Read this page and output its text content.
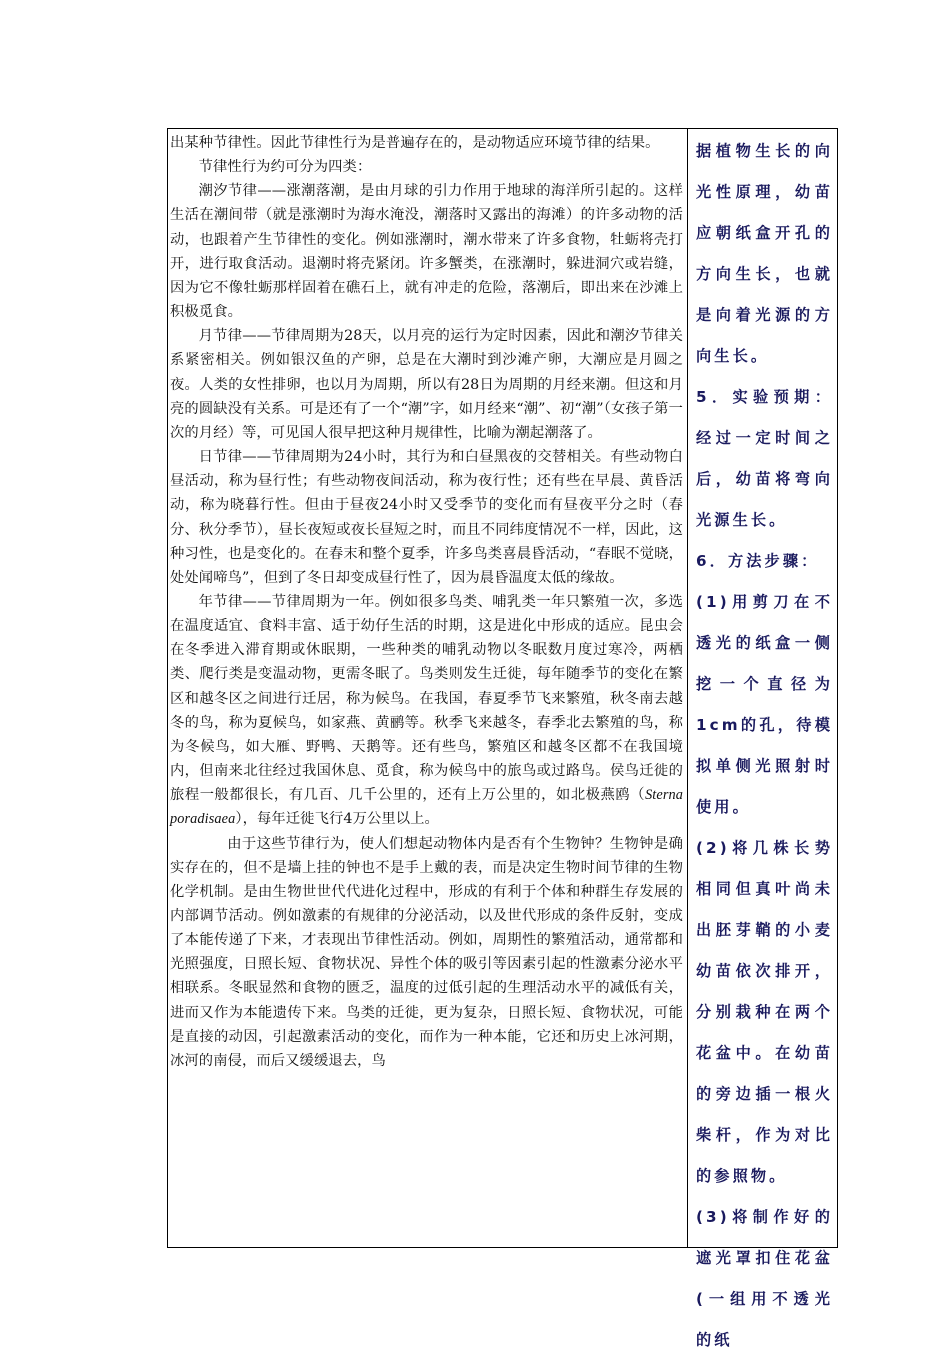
出某种节律性。因此节律性行为是普遍存在的，是动物适应环境节律的结果。

节律性行为约可分为四类：

潮汐节律——涨潮落潮，是由月球的引力作用于地球的海洋所引起的。这样生活在潮间带（就是涨潮时为海水淹没，潮落时又露出的海滩）的许多动物的活动，也跟着产生节律性的变化。例如涨潮时，潮水带来了许多食物，牡蛎将壳打开，进行取食活动。退潮时将壳紧闭。许多蟹类，在涨潮时，躲进洞穴或岩缝，因为它不像牡蛎那样固着在礁石上，就有冲走的危险，落潮后，即出来在沙滩上积极觅食。

月节律——节律周期为28天，以月亮的运行为定时因素，因此和潮汐节律关系紧密相关。例如银汉鱼的产卵，总是在大潮时到沙滩产卵，大潮应是月圆之夜。人类的女性排卵，也以月为周期，所以有28日为周期的月经来潮。但这和月亮的圆缺没有关系。可是还有了一个“潮”字，如月经来“潮”、初“潮”（女孩子第一次的月经）等，可见国人很早把这种月规律性，比喻为潮起潮落了。

日节律——节律周期为24小时，其行为和白昼黑夜的交替相关。有些动物白昼活动，称为昼行性；有些动物夜间活动，称为夜行性；还有些在早晨、黄昏活动，称为晓暮行性。但由于昼夜24小时又受季节的变化而有昼夜平分之时（春分、秋分季节），昼长夜短或夜长昼短之时，而且不同纬度情况不一样，因此，这种习性，也是变化的。在春末和整个夏季，许多鸟类喜晨昏活动，“春眠不觉晓，处处闻啼鸟”，但到了冬日却变成昼行性了，因为晨昏温度太低的缘故。

年节律——节律周期为一年。例如很多鸟类、哺乳类一年只繁殖一次，多选在温度适宜、食料丰富、适于幼仔生活的时期，这是进化中形成的适应。昆虫会在冬季进入滞育期或休眠期，一些种类的哺乳动物以冬眠数月度过寒冷，两栖类、爬行类是变温动物，更需冬眠了。鸟类则发生迁徙，每年随季节的变化在繁区和越冬区之间进行迁居，称为候鸟。在我国，春夏季节飞来繁殖，秋冬南去越冬的鸟，称为夏候鸟，如家燕、黄鹂等。秋季飞来越冬，春季北去繁殖的鸟，称为冬候鸟，如大雁、野鸭、天鹅等。还有些鸟，繁殖区和越冬区都不在我国境内，但南来北往经过我国休息、觅食，称为候鸟中的旅鸟或过路鸟。侯鸟迁徙的旅程一般都很长，有几百、几千公里的，还有上万公里的，如北极燕鸥（Sterna poradisaea），每年迁徙飞行4万公里以上。

由于这些节律行为，使人们想起动物体内是否有个生物钟？生物钟是确实存在的，但不是墙上挂的钟也不是手上戴的表，而是决定生物时间节律的生物化学机制。是由生物世世代代进化过程中，形成的有利于个体和种群生存发展的内部调节活动。例如激素的有规律的分泌活动，以及世代形成的条件反射，变成了本能传递了下来，才表现出节律性活动。例如，周期性的繁殖活动，通常都和光照强度，日照长短、食物状况、异性个体的吸引等因素引起的性激素分泌水平相联系。冬眠显然和食物的匮乏，温度的过低引起的生理活动水平的减低有关，进而又作为本能遗传下来。鸟类的迁徙，更为复杂，日照长短、食物状况，可能是直接的动因，引起激素活动的变化，而作为一种本能，它还和历史上冰河期，冰河的南侵，而后又缓缓退去，鸟

据植物生长的向光性原理，幼苗应朝纸盒开孔的方向生长，也就是向着光源的方向生长。

5．实验预期：经过一定时间之后，幼苗将弯向光源生长。

6．方法步骤：

(1)用剪刀在不透光的纸盒一侧挖一个直径为1cm的孔，待模拟单侧光照射时使用。

(2)将几株长势相同但真叶尚未出胚芽鞘的小麦幼苗依次排开，分别栽种在两个花盆中。在幼苗的旁边插一根火柴杆，作为对比的参照物。

(3)将制作好的遮光罩扣住花盆(一组用不透光的纸
